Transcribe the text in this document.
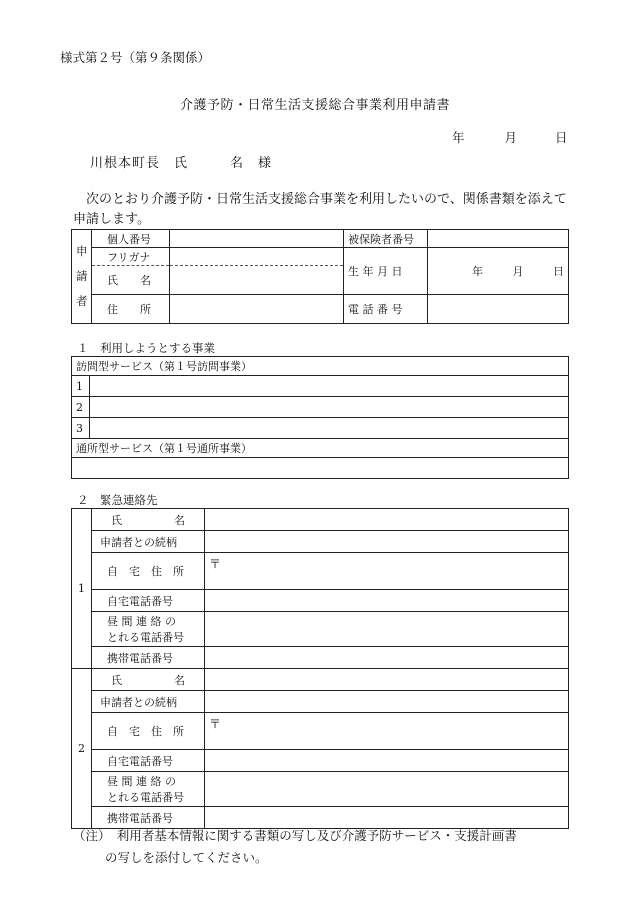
様式第２号（第９条関係）
介護予防・日常生活支援総合事業利用申請書
年	月	日
川根本町長　氏　　　名　様
次のとおり介護予防・日常生活支援総合事業を利用したいので、関係書類を添えて申請します。
申
請
者	個人番号		被保険者番号	
	フリガナ		生 年 月 日	年 月 日

	氏　　名			
	住　　所		電 話 番 号	
１　利用しようとする事業
訪問型サービス（第１号訪問事業）	
1	
2	
3	
通所型サービス（第１号通所事業）	

２　緊急連絡先
1	氏 名	

	申請者との続柄	
	自　宅　住　所	〒
	自宅電話番号	

	昼 間 連 絡 の
とれる電話番号	

	携帯電話番号	
2	氏 名	

	申請者との続柄	
	自　宅　住　所	〒
	自宅電話番号	

	昼 間 連 絡 の
とれる電話番号	

	携帯電話番号	
（注）　利用者基本情報に関する書類の写し及び介護予防サービス・支援計画書
の写しを添付してください。
